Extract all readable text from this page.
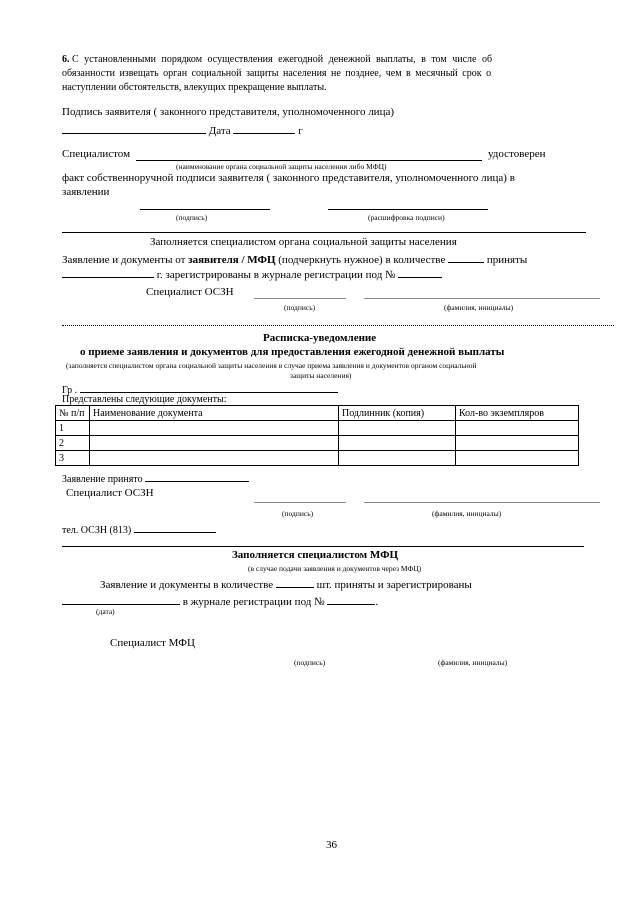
6. С установленными порядком осуществления ежегодной денежной выплаты, в том числе об
обязанности извещать орган социальной защиты населения не позднее, чем в месячный срок о
наступлении обстоятельств, влекущих прекращение выплаты.
Подпись заявителя ( законного представителя, уполномоченного лица)
Дата	г
Специалистом	удостоверен
(наименование органа социальной защиты населения либо МФЦ)
факт собственноручной подписи заявителя ( законного представителя, уполномоченного лица) в
заявлении
(подпись)	(расшифровка подписи)
Заполняется специалистом органа социальной защиты населения
Заявление и документы от заявителя / МФЦ (подчеркнуть нужное) в количестве	приняты
г. зарегистрированы в журнале регистрации под №
Специалист ОСЗН
(подпись)	(фамилия, инициалы)
Расписка-уведомление
о приеме заявления и документов для предоставления ежегодной денежной выплаты
(заполняется специалистом органа социальной защиты населения в случае приема заявления и документов органом социальной
защиты населения)
Гр .
Представлены следующие документы:
№ п/п	Наименование документа	Подлинник (копия)	Кол-во экземпляров
1			
2			
3			
Заявление принято
Специалист ОСЗН
(подпись)	(фамилия, инициалы)
тел. ОСЗН (813)
Заполняется специалистом МФЦ
(в случае подачи заявления и документов через МФЦ)
Заявление и документы в количестве	шт. приняты и зарегистрированы
в журнале регистрации под №	.
(дата)
Специалист МФЦ
(подпись)	(фамилия, инициалы)
36
